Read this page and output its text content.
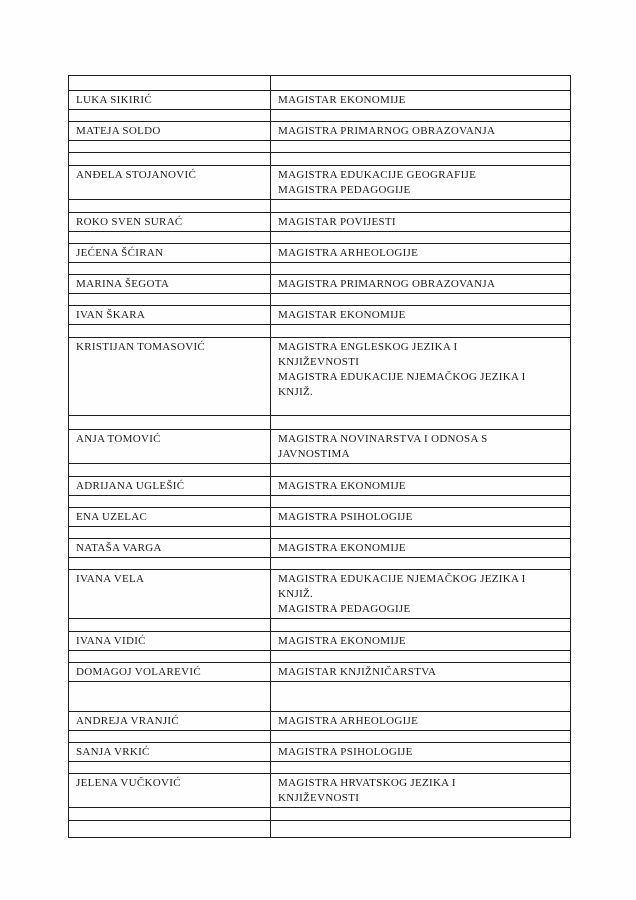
LUKA SIKIRIĆ	MAGISTAR EKONOMIJE

MATEJA SOLDO	MAGISTRA PRIMARNOG OBRAZOVANJA

ANĐELA STOJANOVIĆ	MAGISTRA EDUKACIJE GEOGRAFIJE
MAGISTRA PEDAGOGIJE

ROKO SVEN SURAĆ	MAGISTAR POVIJESTI

JEĆENA ŠĆIRAN	MAGISTRA ARHEOLOGIJE

MARINA ŠEGOTA	MAGISTRA PRIMARNOG OBRAZOVANJA

IVAN ŠKARA	MAGISTAR EKONOMIJE

KRISTIJAN TOMASOVIĆ	MAGISTRA ENGLESKOG JEZIKA I
KNJIŽEVNOSTI
MAGISTRA EDUKACIJE NJEMAČKOG JEZIKA I
KNJIŽ.

ANJA TOMOVIĆ	MAGISTRA NOVINARSTVA I ODNOSA S
JAVNOSTIMA

ADRIJANA UGLEŠIĆ	MAGISTRA EKONOMIJE

ENA UZELAC	MAGISTRA PSIHOLOGIJE

NATAŠA VARGA	MAGISTRA EKONOMIJE

IVANA VELA	MAGISTRA EDUKACIJE NJEMAČKOG JEZIKA I
KNJIŽ.
MAGISTRA PEDAGOGIJE

IVANA VIDIĆ	MAGISTRA EKONOMIJE

DOMAGOJ VOLAREVIĆ	MAGISTAR KNJIŽNIČARSTVA

ANDREJA VRANJIĆ	MAGISTRA ARHEOLOGIJE

SANJA VRKIĆ	MAGISTRA PSIHOLOGIJE

JELENA VUČKOVIĆ	MAGISTRA HRVATSKOG JEZIKA I
KNJIŽEVNOSTI
